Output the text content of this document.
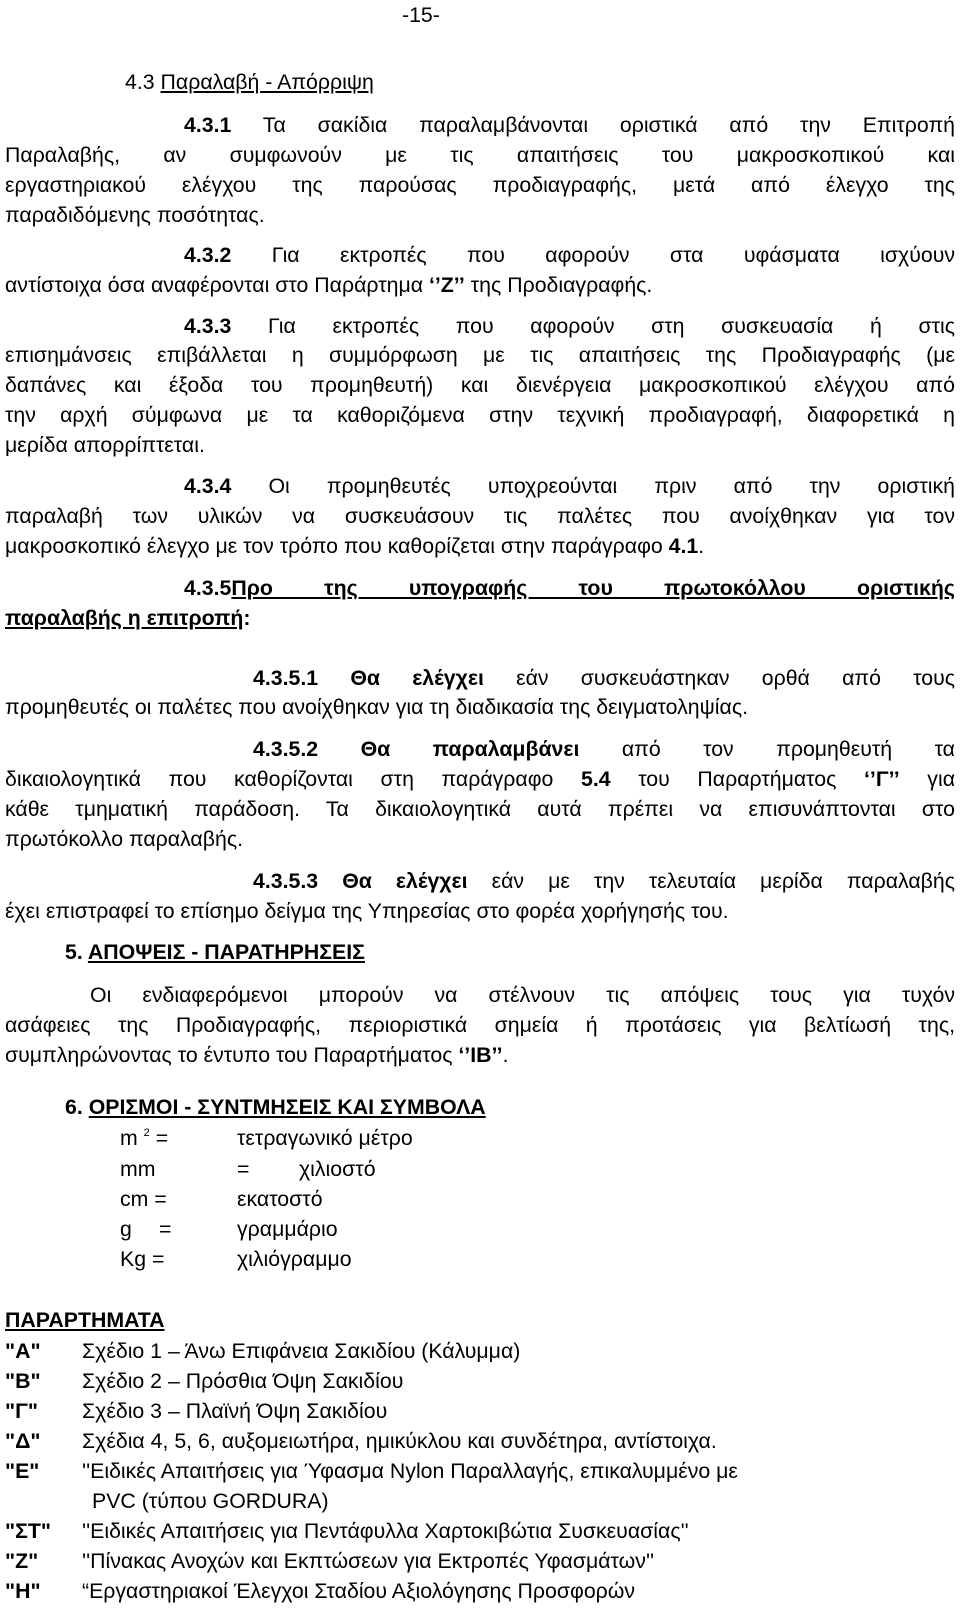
-15-
4.3 Παραλαβή - Απόρριψη
4.3.1 Τα σακίδια παραλαμβάνονται οριστικά από την Επιτροπή
Παραλαβής, αν συμφωνούν με τις απαιτήσεις του μακροσκοπικού και
εργαστηριακού ελέγχου της παρούσας προδιαγραφής, μετά από έλεγχο της
παραδιδόμενης ποσότητας.
4.3.2 Για εκτροπές που αφορούν στα υφάσματα ισχύουν
αντίστοιχα όσα αναφέρονται στο Παράρτημα ‘’Ζ’’ της Προδιαγραφής.
4.3.3 Για εκτροπές που αφορούν στη συσκευασία ή στις
επισημάνσεις επιβάλλεται η συμμόρφωση με τις απαιτήσεις της Προδιαγραφής (με
δαπάνες και έξοδα του προμηθευτή) και διενέργεια μακροσκοπικού ελέγχου από
την αρχή σύμφωνα με τα καθοριζόμενα στην τεχνική προδιαγραφή, διαφορετικά η
μερίδα απορρίπτεται.
4.3.4 Οι προμηθευτές υποχρεούνται πριν από την οριστική
παραλαβή των υλικών να συσκευάσουν τις παλέτες που ανοίχθηκαν για τον
μακροσκοπικό έλεγχο με τον τρόπο που καθορίζεται στην παράγραφο 4.1.
4.3.5Προ της υπογραφής του πρωτοκόλλου οριστικής
παραλαβής η επιτροπή:
4.3.5.1 Θα ελέγχει εάν συσκευάστηκαν ορθά από τους
προμηθευτές οι παλέτες που ανοίχθηκαν για τη διαδικασία της δειγματοληψίας.
4.3.5.2 Θα παραλαμβάνει από τον προμηθευτή τα
δικαιολογητικά που καθορίζονται στη παράγραφο 5.4 του Παραρτήματος ‘’Γ’’ για
κάθε τμηματική παράδοση. Τα δικαιολογητικά αυτά πρέπει να επισυνάπτονται στο
πρωτόκολλο παραλαβής.
4.3.5.3 Θα ελέγχει εάν με την τελευταία μερίδα παραλαβής
έχει επιστραφεί το επίσημο δείγμα της Υπηρεσίας στο φορέα χορήγησής του.
5. ΑΠΟΨΕΙΣ - ΠΑΡΑΤΗΡΗΣΕΙΣ
Οι ενδιαφερόμενοι μπορούν να στέλνουν τις απόψεις τους για τυχόν
ασάφειες της Προδιαγραφής, περιοριστικά σημεία ή προτάσεις για βελτίωσή της,
συμπληρώνοντας το έντυπο του Παραρτήματος ‘’ΙΒ’’.
6. ΟΡΙΣΜΟΙ - ΣΥΝΤΜΗΣΕΙΣ ΚΑΙ ΣΥΜΒΟΛΑ
m $^2$ =	τετραγωνικό μέτρο
mm	= χιλιοστό
cm =	εκατοστό
g =	γραμμάριο
Kg =	χιλιόγραμμο
ΠΑΡΑΡΤΗΜΑΤΑ
"Α" Σχέδιο 1 – Άνω Επιφάνεια Σακιδίου (Κάλυμμα)
"Β" Σχέδιο 2 – Πρόσθια Όψη Σακιδίου
"Γ" Σχέδιο 3 – Πλαϊνή Όψη Σακιδίου
"Δ" Σχέδια 4, 5, 6, αυξομειωτήρα, ημικύκλου και συνδέτηρα, αντίστοιχα.
"Ε" ''Ειδικές Απαιτήσεις για Ύφασμα Nylon Παραλλαγής, επικαλυμμένο με
PVC (τύπου GORDURA)
"ΣΤ" ''Ειδικές Απαιτήσεις για Πεντάφυλλα Χαρτοκιβώτια Συσκευασίας''
"Ζ" ''Πίνακας Ανοχών και Εκπτώσεων για Εκτροπές Υφασμάτων''
"Η" “Εργαστηριακοί Έλεγχοι Σταδίου Αξιολόγησης Προσφορών
